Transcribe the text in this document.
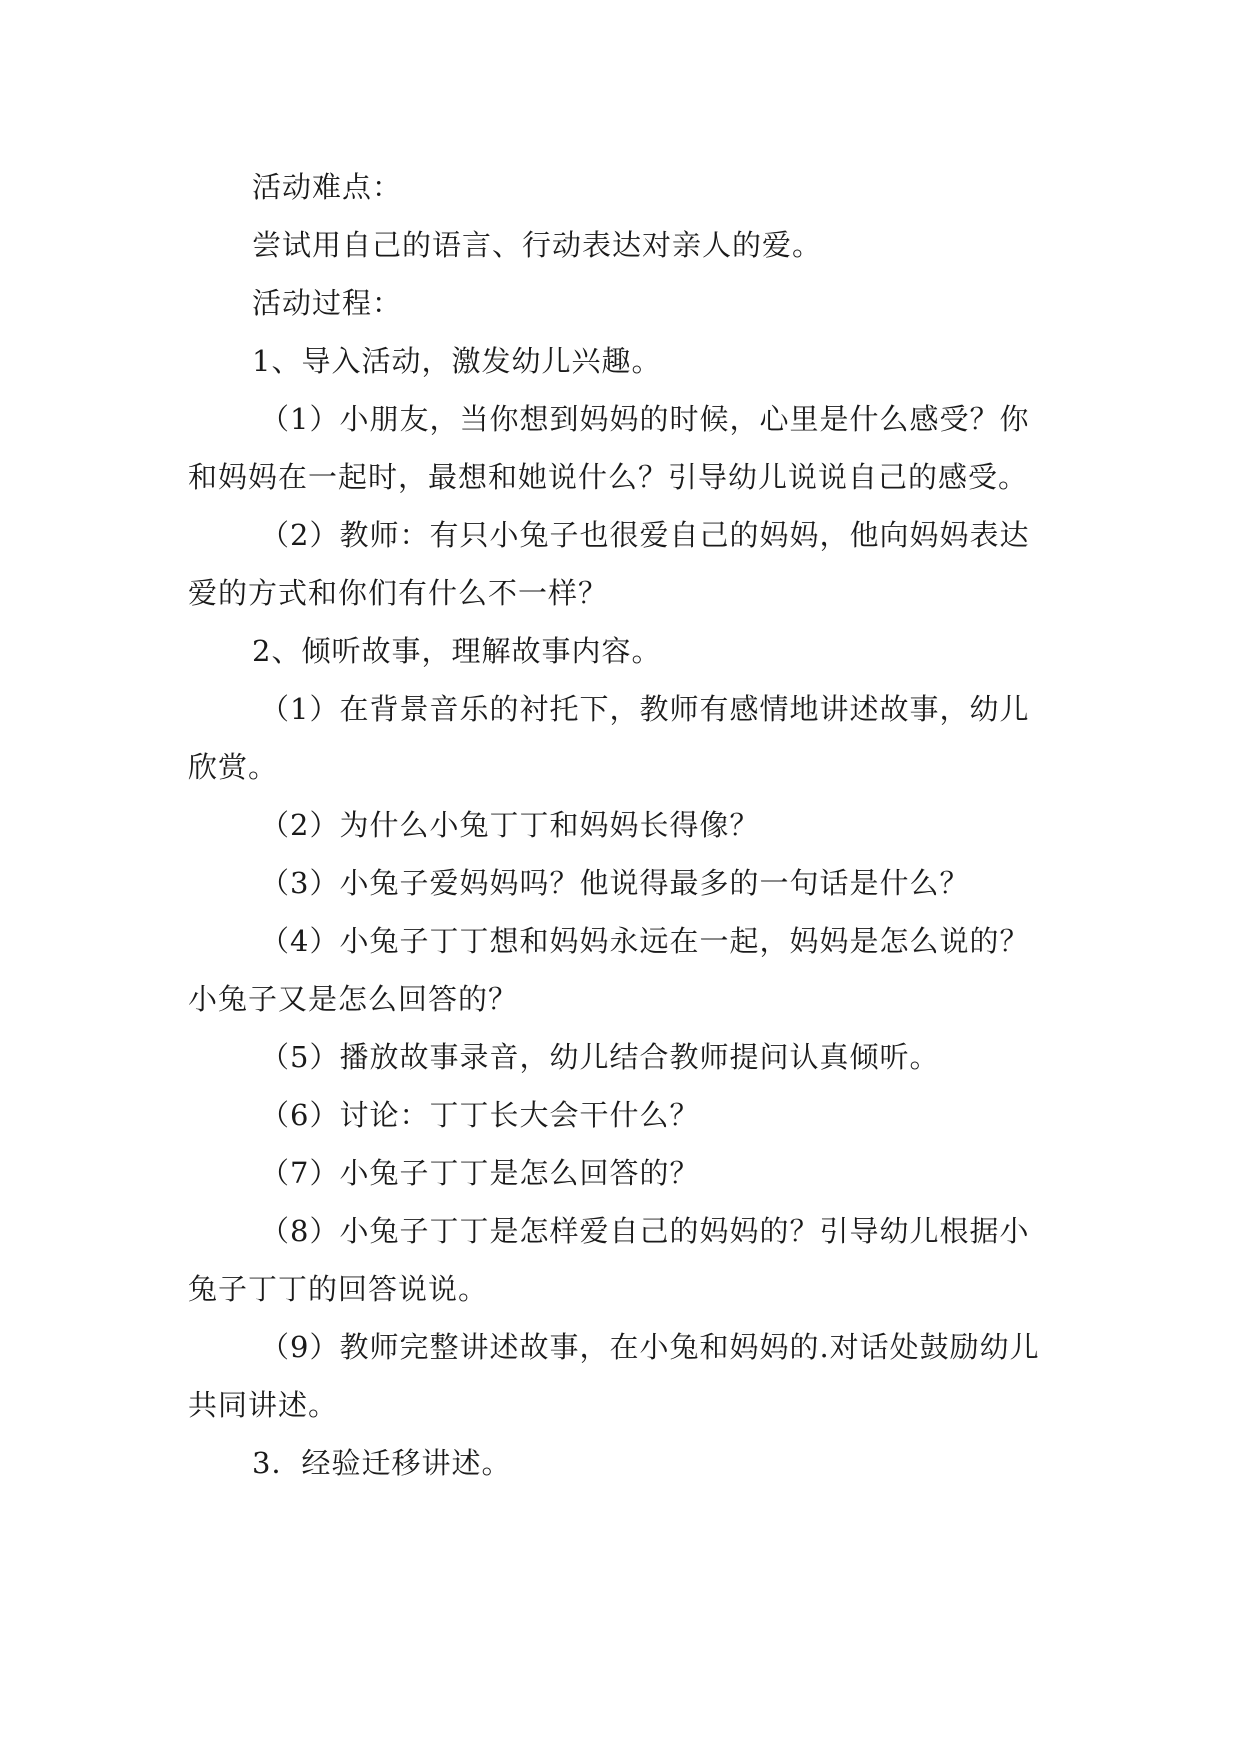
活动难点：

尝试用自己的语言、行动表达对亲人的爱。

活动过程：

1、导入活动，激发幼儿兴趣。

（1）小朋友，当你想到妈妈的时候，心里是什么感受？你和妈妈在一起时，最想和她说什么？引导幼儿说说自己的感受。

（2）教师：有只小兔子也很爱自己的妈妈，他向妈妈表达爱的方式和你们有什么不一样？

2、倾听故事，理解故事内容。

（1）在背景音乐的衬托下，教师有感情地讲述故事，幼儿欣赏。

（2）为什么小兔丁丁和妈妈长得像？

（3）小兔子爱妈妈吗？他说得最多的一句话是什么？

（4）小兔子丁丁想和妈妈永远在一起，妈妈是怎么说的？小兔子又是怎么回答的？

（5）播放故事录音，幼儿结合教师提问认真倾听。

（6）讨论：丁丁长大会干什么？

（7）小兔子丁丁是怎么回答的？

（8）小兔子丁丁是怎样爱自己的妈妈的？引导幼儿根据小兔子丁丁的回答说说。

（9）教师完整讲述故事，在小兔和妈妈的.对话处鼓励幼儿共同讲述。

3．经验迁移讲述。
